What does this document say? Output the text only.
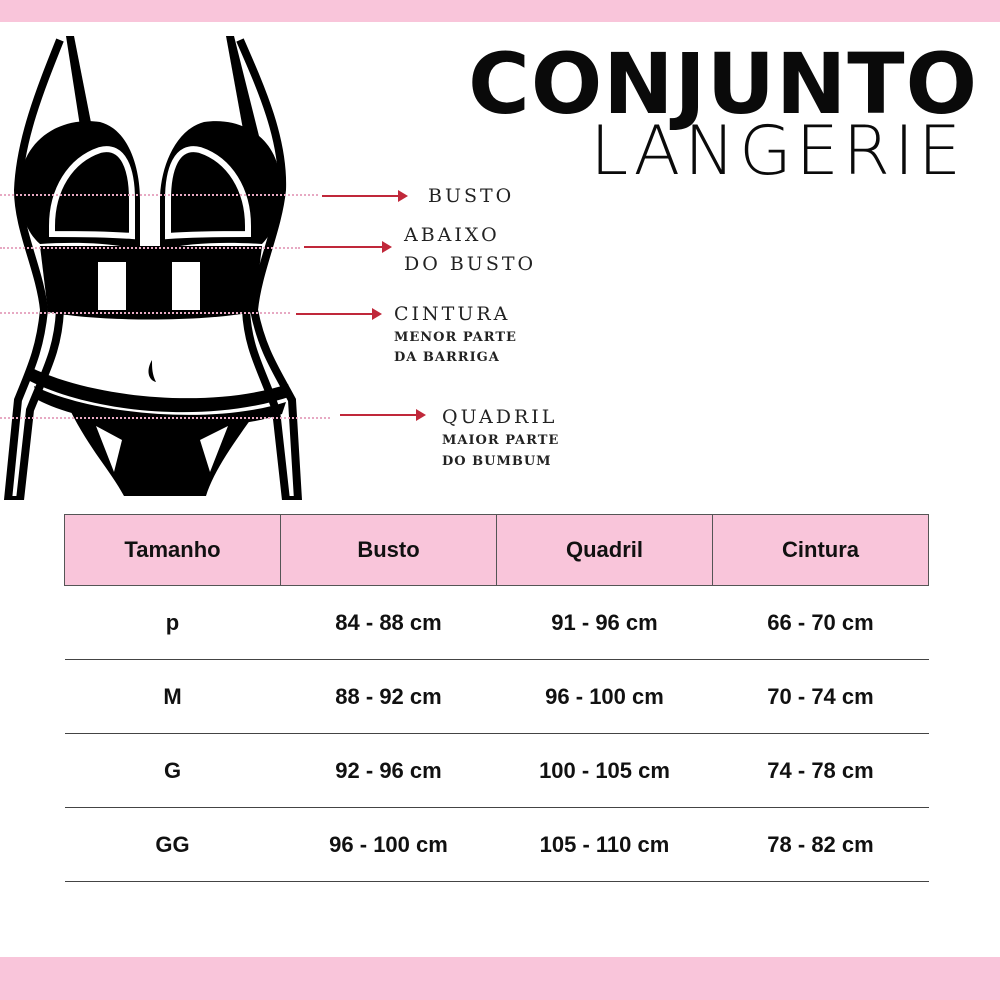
CONJUNTO
LANGERIE
BUSTO
ABAIXO
DO BUSTO
CINTURA
MENOR PARTE
DA BARRIGA
QUADRIL
MAIOR PARTE
DO BUMBUM
Tamanho	Busto	Quadril	Cintura
p	84 - 88 cm	91 - 96 cm	66 - 70 cm
M	88 - 92 cm	96 - 100 cm	70 - 74 cm
G	92 - 96 cm	100 - 105 cm	74 - 78 cm
GG	96 - 100 cm	105 - 110 cm	78 - 82 cm
